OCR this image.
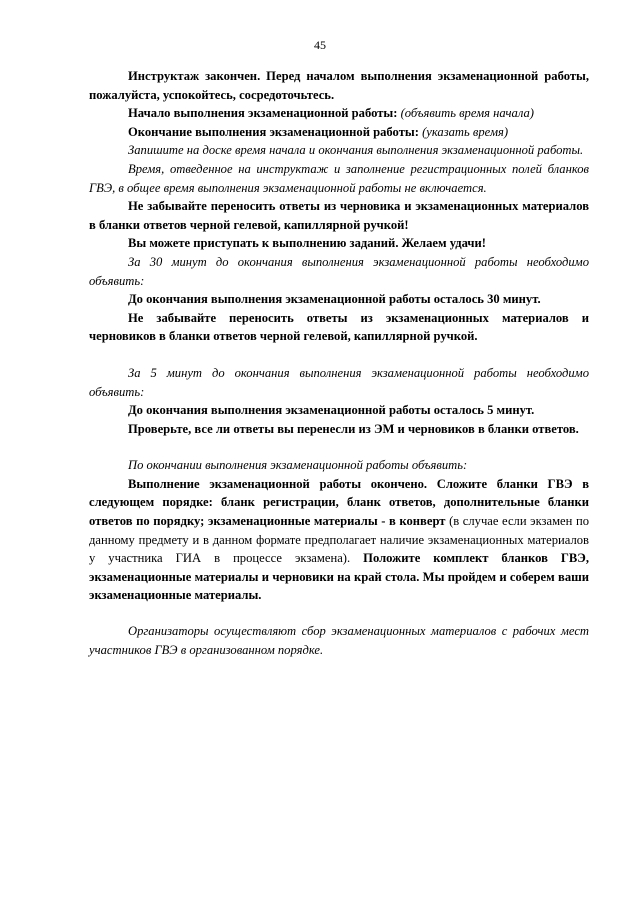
45

Инструктаж закончен. Перед началом выполнения экзаменационной работы, пожалуйста, успокойтесь, сосредоточьтесь.

Начало выполнения экзаменационной работы: (объявить время начала)

Окончание выполнения экзаменационной работы: (указать время)

Запишите на доске время начала и окончания выполнения экзаменационной работы.

Время, отведенное на инструктаж и заполнение регистрационных полей бланков ГВЭ, в общее время выполнения экзаменационной работы не включается.

Не забывайте переносить ответы из черновика и экзаменационных материалов в бланки ответов черной гелевой, капиллярной ручкой!

Вы можете приступать к выполнению заданий. Желаем удачи!

За 30 минут до окончания выполнения экзаменационной работы необходимо объявить:

До окончания выполнения экзаменационной работы осталось 30 минут.

Не забывайте переносить ответы из экзаменационных материалов и черновиков в бланки ответов черной гелевой, капиллярной ручкой.

За 5 минут до окончания выполнения экзаменационной работы необходимо объявить:

До окончания выполнения экзаменационной работы осталось 5 минут.

Проверьте, все ли ответы вы перенесли из ЭМ и черновиков в бланки ответов.

По окончании выполнения экзаменационной работы объявить:

Выполнение экзаменационной работы окончено. Сложите бланки ГВЭ в следующем порядке: бланк регистрации, бланк ответов, дополнительные бланки ответов по порядку; экзаменационные материалы - в конверт (в случае если экзамен по данному предмету и в данном формате предполагает наличие экзаменационных материалов у участника ГИА в процессе экзамена). Положите комплект бланков ГВЭ, экзаменационные материалы и черновики на край стола. Мы пройдем и соберем ваши экзаменационные материалы.

Организаторы осуществляют сбор экзаменационных материалов с рабочих мест участников ГВЭ в организованном порядке.
